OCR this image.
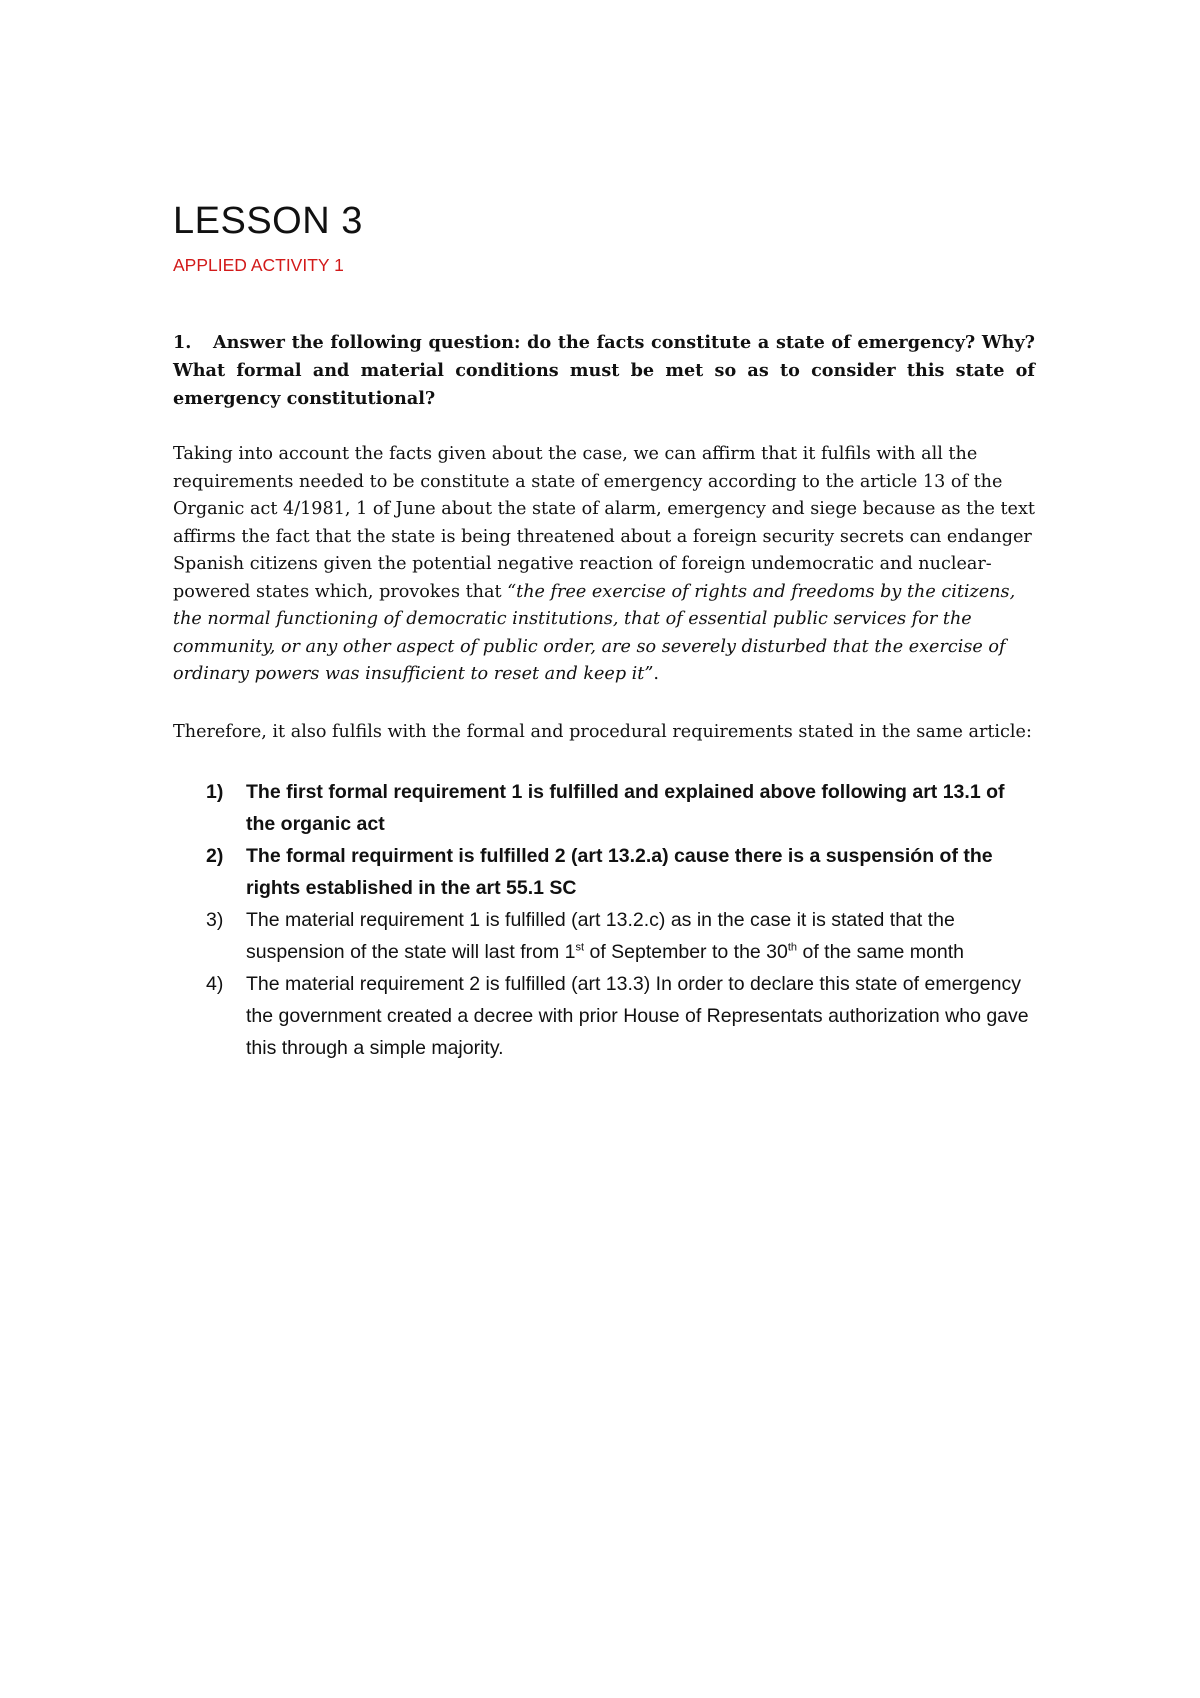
LESSON 3
APPLIED ACTIVITY 1
1. Answer the following question: do the facts constitute a state of emergency? Why? What formal and material conditions must be met so as to consider this state of emergency constitutional?
Taking into account the facts given about the case, we can affirm that it fulfils with all the requirements needed to be constitute a state of emergency according to the article 13 of the Organic act 4/1981, 1 of June about the state of alarm, emergency and siege because as the text affirms the fact that the state is being threatened about a foreign security secrets can endanger Spanish citizens given the potential negative reaction of foreign undemocratic and nuclear-powered states which, provokes that “the free exercise of rights and freedoms by the citizens, the normal functioning of democratic institutions, that of essential public services for the community, or any other aspect of public order, are so severely disturbed that the exercise of ordinary powers was insufficient to reset and keep it”.
Therefore, it also fulfils with the formal and procedural requirements stated in the same article:
1) The first formal requirement 1 is fulfilled and explained above following art 13.1 of the organic act
2) The formal requirment is fulfilled 2 (art 13.2.a) cause there is a suspensión of the rights established in the art 55.1 SC
3) The material requirement 1 is fulfilled (art 13.2.c) as in the case it is stated that the suspension of the state will last from 1st of September to the 30th of the same month
4) The material requirement 2 is fulfilled (art 13.3) In order to declare this state of emergency the government created a decree with prior House of Representats authorization who gave this through a simple majority.
